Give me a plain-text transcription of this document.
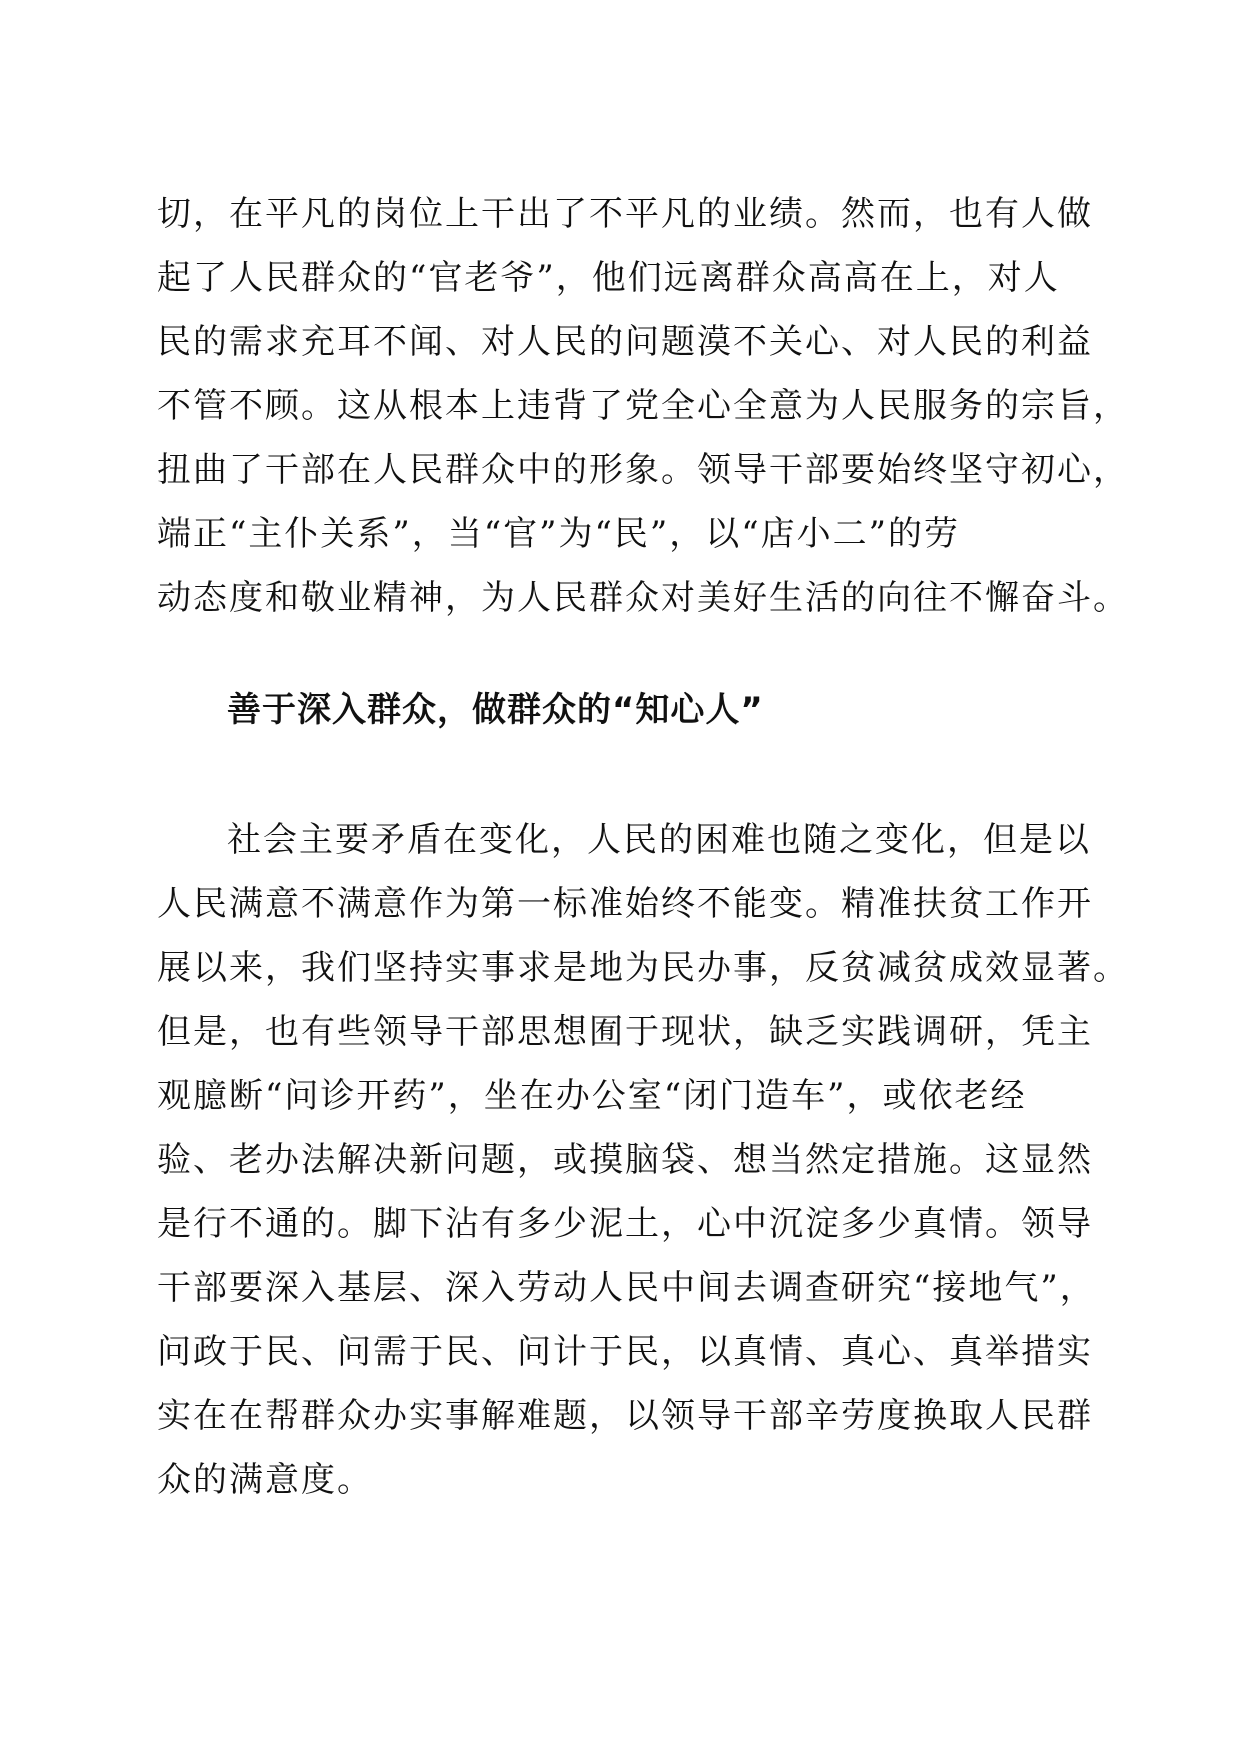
切，在平凡的岗位上干出了不平凡的业绩。然而，也有人做
起了人民群众的“官老爷”，他们远离群众高高在上，对人
民的需求充耳不闻、对人民的问题漠不关心、对人民的利益
不管不顾。这从根本上违背了党全心全意为人民服务的宗旨，
扭曲了干部在人民群众中的形象。领导干部要始终坚守初心，
端正“主仆关系”，当“官”为“民”，以“店小二”的劳
动态度和敬业精神，为人民群众对美好生活的向往不懈奋斗。
善于深入群众，做群众的“知心人”
社会主要矛盾在变化，人民的困难也随之变化，但是以
人民满意不满意作为第一标准始终不能变。精准扶贫工作开
展以来，我们坚持实事求是地为民办事，反贫减贫成效显著。
但是，也有些领导干部思想囿于现状，缺乏实践调研，凭主
观臆断“问诊开药”，坐在办公室“闭门造车”，或依老经
验、老办法解决新问题，或摸脑袋、想当然定措施。这显然
是行不通的。脚下沾有多少泥土，心中沉淀多少真情。领导
干部要深入基层、深入劳动人民中间去调查研究“接地气”，
问政于民、问需于民、问计于民，以真情、真心、真举措实
实在在帮群众办实事解难题，以领导干部辛劳度换取人民群
众的满意度。
